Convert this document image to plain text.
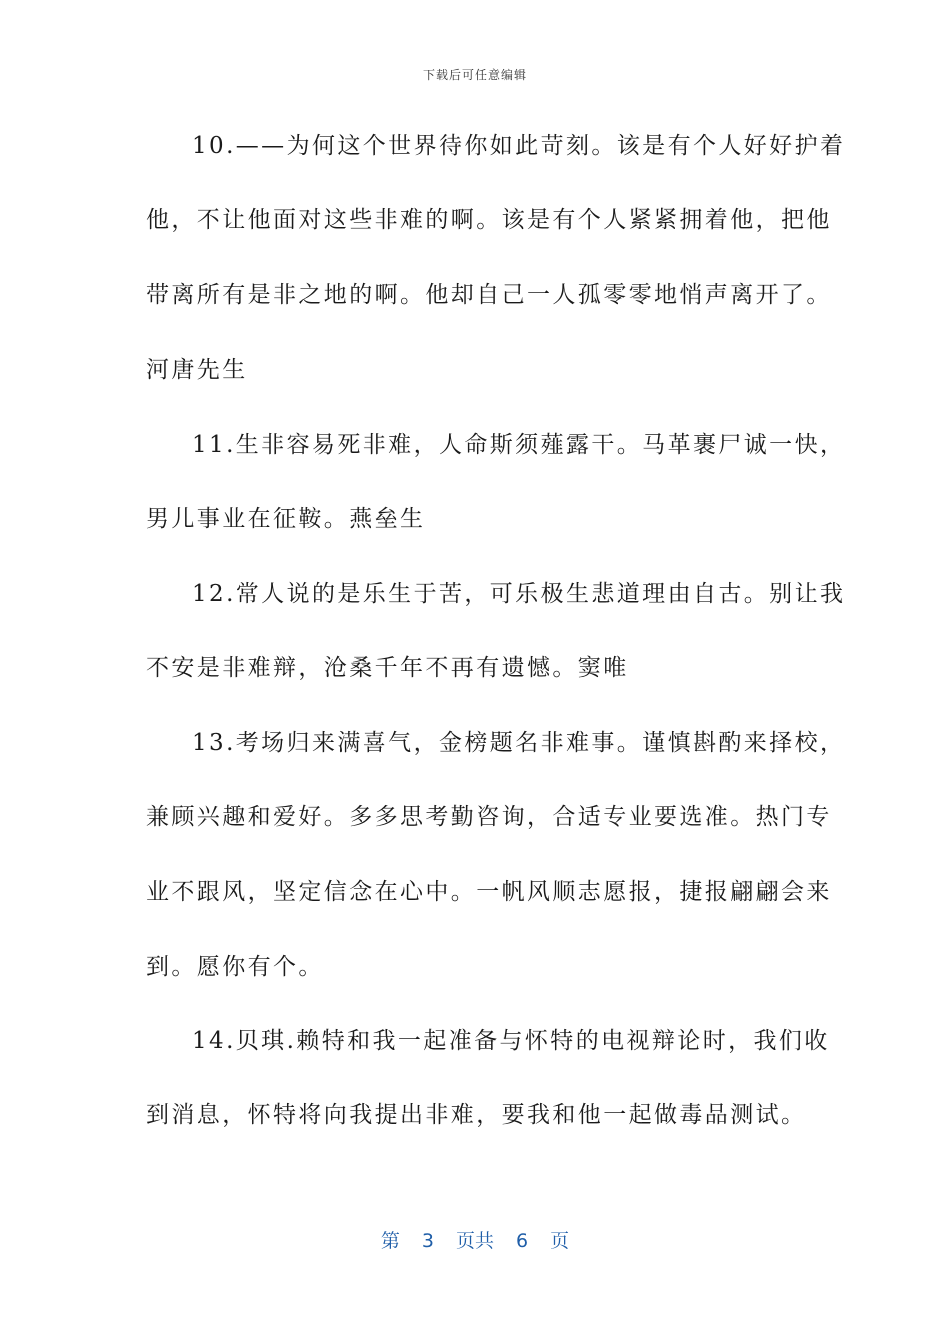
下载后可任意编辑
10.——为何这个世界待你如此苛刻。该是有个人好好护着
他，不让他面对这些非难的啊。该是有个人紧紧拥着他，把他
带离所有是非之地的啊。他却自己一人孤零零地悄声离开了。
河唐先生
11.生非容易死非难，人命斯须薤露干。马革裹尸诚一快，
男儿事业在征鞍。燕垒生
12.常人说的是乐生于苦，可乐极生悲道理由自古。别让我
不安是非难辩，沧桑千年不再有遗憾。窦唯
13.考场归来满喜气，金榜题名非难事。谨慎斟酌来择校，
兼顾兴趣和爱好。多多思考勤咨询，合适专业要选准。热门专
业不跟风，坚定信念在心中。一帆风顺志愿报，捷报翩翩会来
到。愿你有个。
14.贝琪.赖特和我一起准备与怀特的电视辩论时，我们收
到消息，怀特将向我提出非难，要我和他一起做毒品测试。
第 3 页共 6 页
